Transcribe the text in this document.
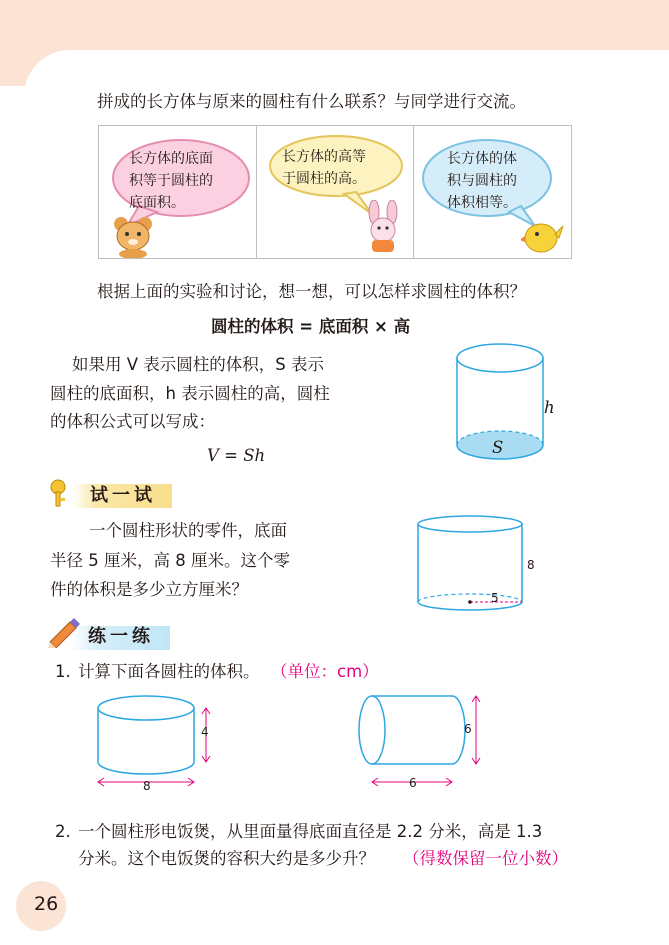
拼成的长方体与原来的圆柱有什么联系？与同学进行交流。
长方体的底面
积等于圆柱的
底面积。
长方体的高等
于圆柱的高。
长方体的体
积与圆柱的
体积相等。
根据上面的实验和讨论，想一想，可以怎样求圆柱的体积？
圆柱的体积 = 底面积 × 高
如果用 V 表示圆柱的体积，S 表示
圆柱的底面积，h 表示圆柱的高，圆柱
的体积公式可以写成：
V = Sh
h
S
试一试
一个圆柱形状的零件，底面
半径 5 厘米，高 8 厘米。这个零
件的体积是多少立方厘米？
8
5
练一练
1. 计算下面各圆柱的体积。 （单位：cm）
4
8
6
6
2. 一个圆柱形电饭煲，从里面量得底面直径是 2.2 分米，高是 1.3
分米。这个电饭煲的容积大约是多少升？ （得数保留一位小数）
26
